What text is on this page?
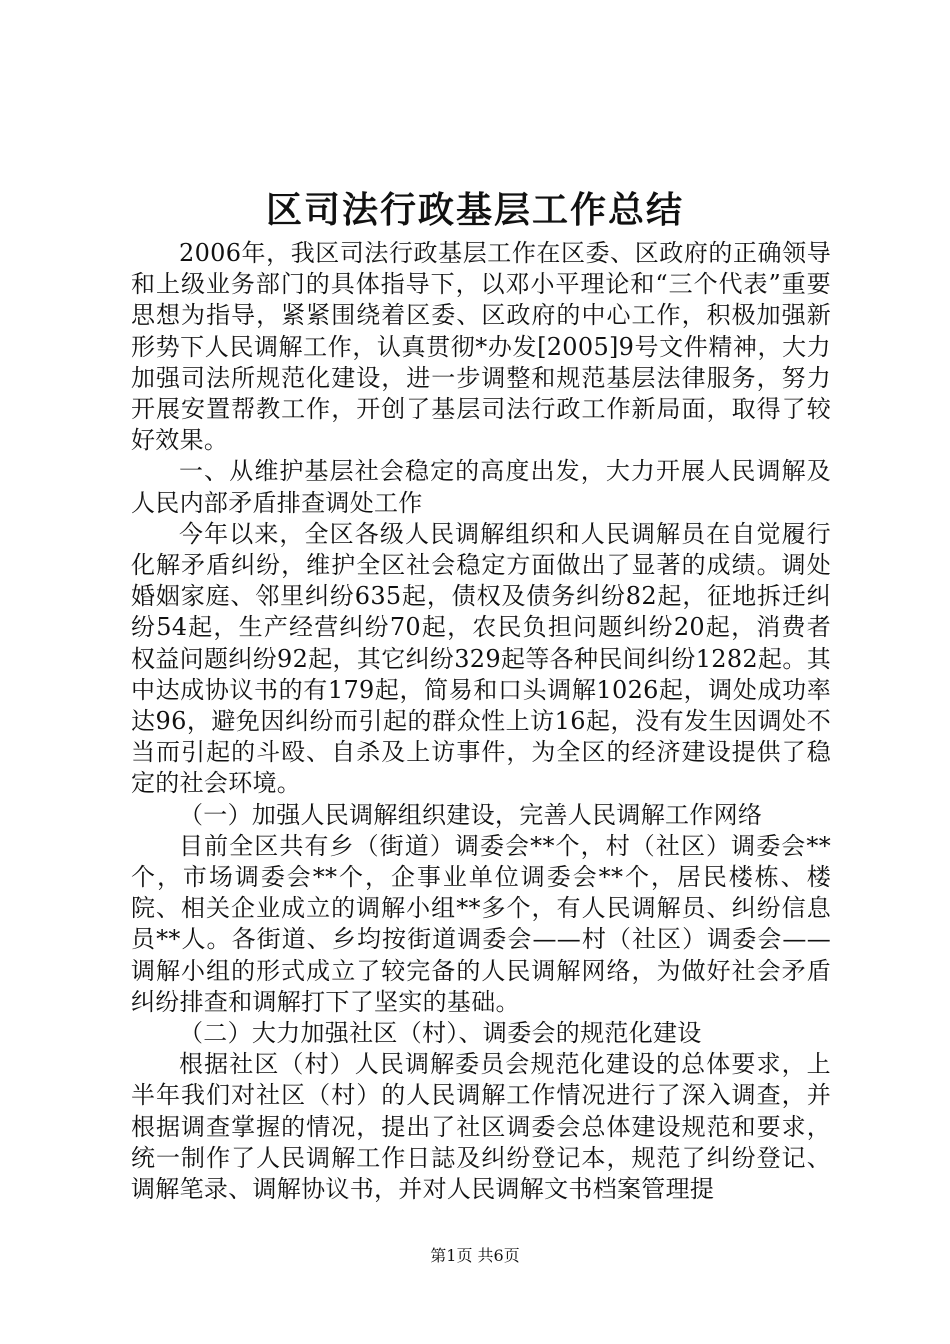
区司法行政基层工作总结

2006年，我区司法行政基层工作在区委、区政府的正确领导和上级业务部门的具体指导下，以邓小平理论和“三个代表”重要思想为指导，紧紧围绕着区委、区政府的中心工作，积极加强新形势下人民调解工作，认真贯彻*办发[2005]9号文件精神，大力加强司法所规范化建设，进一步调整和规范基层法律服务，努力开展安置帮教工作，开创了基层司法行政工作新局面，取得了较好效果。

一、从维护基层社会稳定的高度出发，大力开展人民调解及人民内部矛盾排查调处工作

今年以来，全区各级人民调解组织和人民调解员在自觉履行化解矛盾纠纷，维护全区社会稳定方面做出了显著的成绩。调处婚姻家庭、邻里纠纷635起，债权及债务纠纷82起，征地拆迁纠纷54起，生产经营纠纷70起，农民负担问题纠纷20起，消费者权益问题纠纷92起，其它纠纷329起等各种民间纠纷1282起。其中达成协议书的有179起，简易和口头调解1026起，调处成功率达96，避免因纠纷而引起的群众性上访16起，没有发生因调处不当而引起的斗殴、自杀及上访事件，为全区的经济建设提供了稳定的社会环境。

（一）加强人民调解组织建设，完善人民调解工作网络

目前全区共有乡（街道）调委会**个，村（社区）调委会**个，市场调委会**个，企事业单位调委会**个，居民楼栋、楼院、相关企业成立的调解小组**多个，有人民调解员、纠纷信息员**人。各街道、乡均按街道调委会——村（社区）调委会——调解小组的形式成立了较完备的人民调解网络，为做好社会矛盾纠纷排查和调解打下了坚实的基础。

（二）大力加强社区（村）、调委会的规范化建设

根据社区（村）人民调解委员会规范化建设的总体要求，上半年我们对社区（村）的人民调解工作情况进行了深入调查，并根据调查掌握的情况，提出了社区调委会总体建设规范和要求，统一制作了人民调解工作日誌及纠纷登记本，规范了纠纷登记、调解笔录、调解协议书，并对人民调解文书档案管理提

第1页 共6页
